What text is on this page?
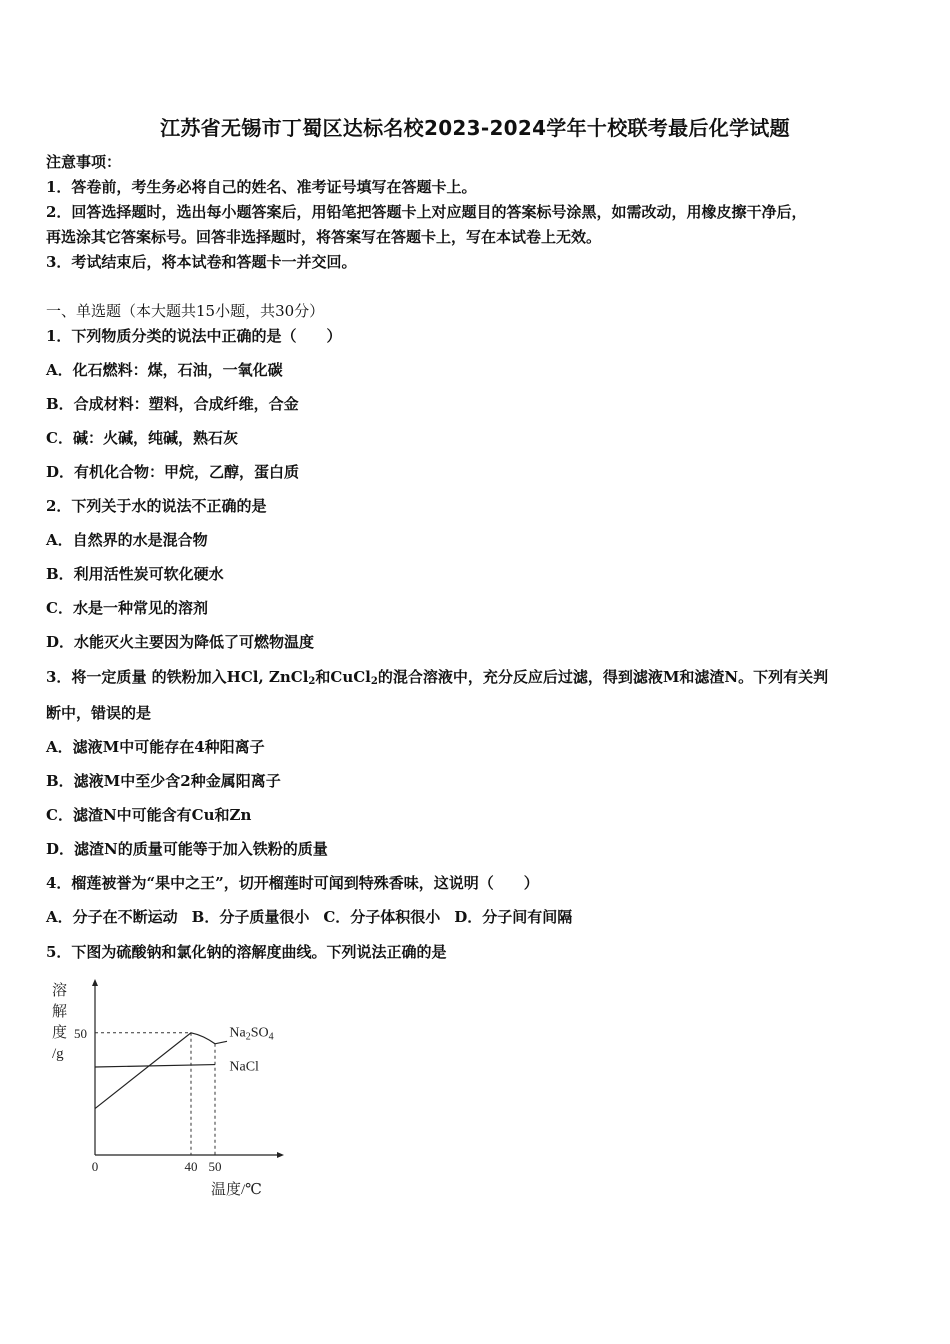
江苏省无锡市丁蜀区达标名校2023-2024学年十校联考最后化学试题
注意事项：
1．答卷前，考生务必将自己的姓名、准考证号填写在答题卡上。
2．回答选择题时，选出每小题答案后，用铅笔把答题卡上对应题目的答案标号涂黑，如需改动，用橡皮擦干净后，
再选涂其它答案标号。回答非选择题时，将答案写在答题卡上，写在本试卷上无效。
3．考试结束后，将本试卷和答题卡一并交回。
一、单选题（本大题共15小题，共30分）
1．下列物质分类的说法中正确的是（　　）
A．化石燃料：煤，石油，一氧化碳
B．合成材料：塑料，合成纤维，合金
C．碱：火碱，纯碱，熟石灰
D．有机化合物：甲烷，乙醇，蛋白质
2．下列关于水的说法不正确的是
A．自然界的水是混合物
B．利用活性炭可软化硬水
C．水是一种常见的溶剂
D．水能灭火主要因为降低了可燃物温度
3．将一定质量 的铁粉加入HCl, ZnCl$_2$和CuCl$_2$的混合溶液中，充分反应后过滤，得到滤液M和滤渣N。下列有关判
断中，错误的是
A．滤液M中可能存在4种阳离子
B．滤液M中至少含2种金属阳离子
C．滤渣N中可能含有Cu和Zn
D．滤渣N的质量可能等于加入铁粉的质量
4．榴莲被誉为“果中之王”，切开榴莲时可闻到特殊香味，这说明（　　）
A．分子在不断运动 B．分子质量很小 C．分子体积很小 D．分子间有间隔
5．下图为硫酸钠和氯化钠的溶解度曲线。下列说法正确的是
溶
解
度
/g
温度/℃
50
0	40 50
$Na_2SO_4$
NaCl
